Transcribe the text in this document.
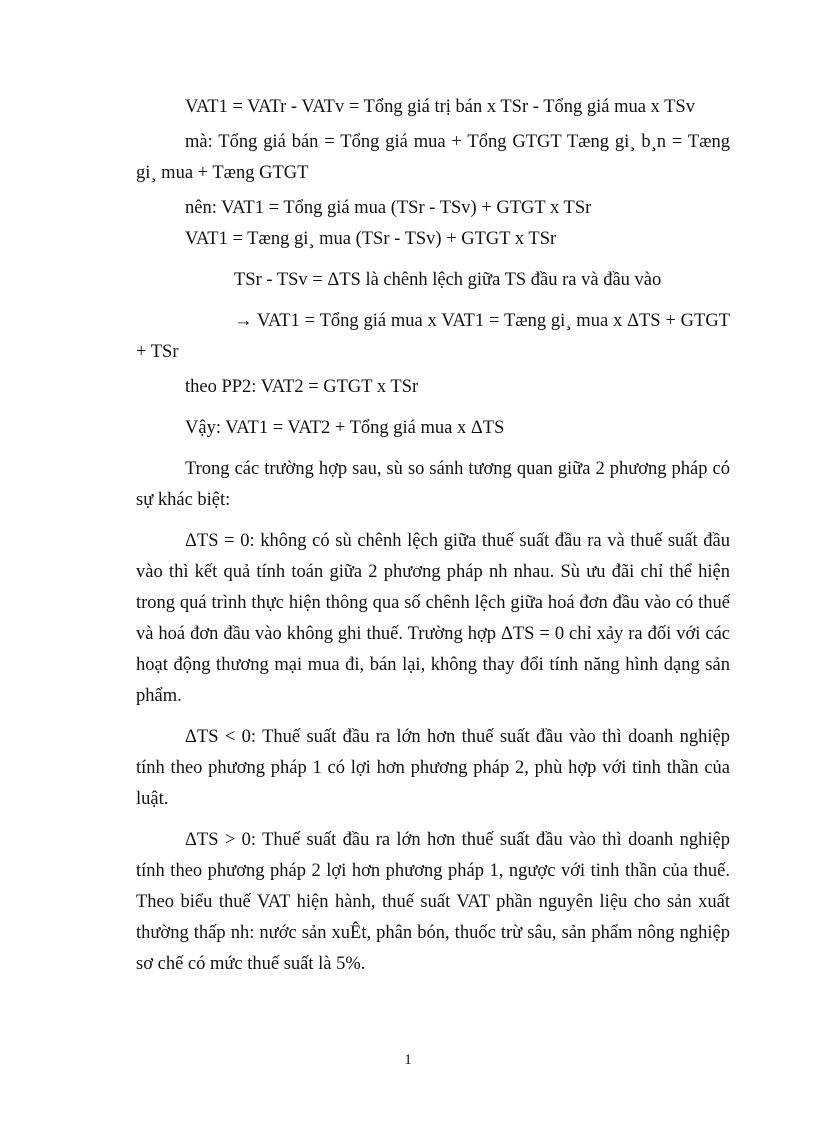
VAT1 = VATr - VATv = Tổng giá trị bán x TSr - Tổng giá mua x TSv

mà: Tổng giá bán = Tổng giá mua + Tổng GTGT Tæng gi¸ b¸n = Tæng gi¸ mua + Tæng GTGT

nên: VAT1 = Tổng giá mua (TSr - TSv) + GTGT x TSr

VAT1 = Tæng gi¸ mua (TSr - TSv) + GTGT x TSr

TSr - TSv = ΔTS là chênh lệch giữa TS đầu ra và đầu vào

→ VAT1 = Tổng giá mua x VAT1 = Tæng gi¸ mua x ΔTS + GTGT + TSr

theo PP2: VAT2 = GTGT x TSr

Vậy: VAT1 = VAT2 + Tổng giá mua x ΔTS

Trong các trường hợp sau, sù so sánh tương quan giữa 2 phương pháp có sự khác biệt:

ΔTS = 0: không có sù chênh lệch giữa thuế suất đầu ra và thuế suất đầu vào thì kết quả tính toán giữa 2 phương pháp nh nhau. Sù ưu đãi chỉ thể hiện trong quá trình thực hiện thông qua số chênh lệch giữa hoá đơn đầu vào có thuế và hoá đơn đầu vào không ghi thuế. Trường hợp ΔTS = 0 chỉ xảy ra đối với các hoạt động thương mại mua đi, bán lại, không thay đổi tính năng hình dạng sản phẩm.

ΔTS < 0: Thuế suất đầu ra lớn hơn thuế suất đầu vào thì doanh nghiệp tính theo phương pháp 1 có lợi hơn phương pháp 2, phù hợp với tinh thần của luật.

ΔTS > 0: Thuế suất đầu ra lớn hơn thuế suất đầu vào thì doanh nghiệp tính theo phương pháp 2 lợi hơn phương pháp 1, ngược với tinh thần của thuế. Theo biểu thuế VAT hiện hành, thuế suất VAT phần nguyên liệu cho sản xuất thường thấp nh: nước sản xuÊt, phân bón, thuốc trừ sâu, sản phẩm nông nghiệp sơ chế có mức thuế suất là 5%.

1
